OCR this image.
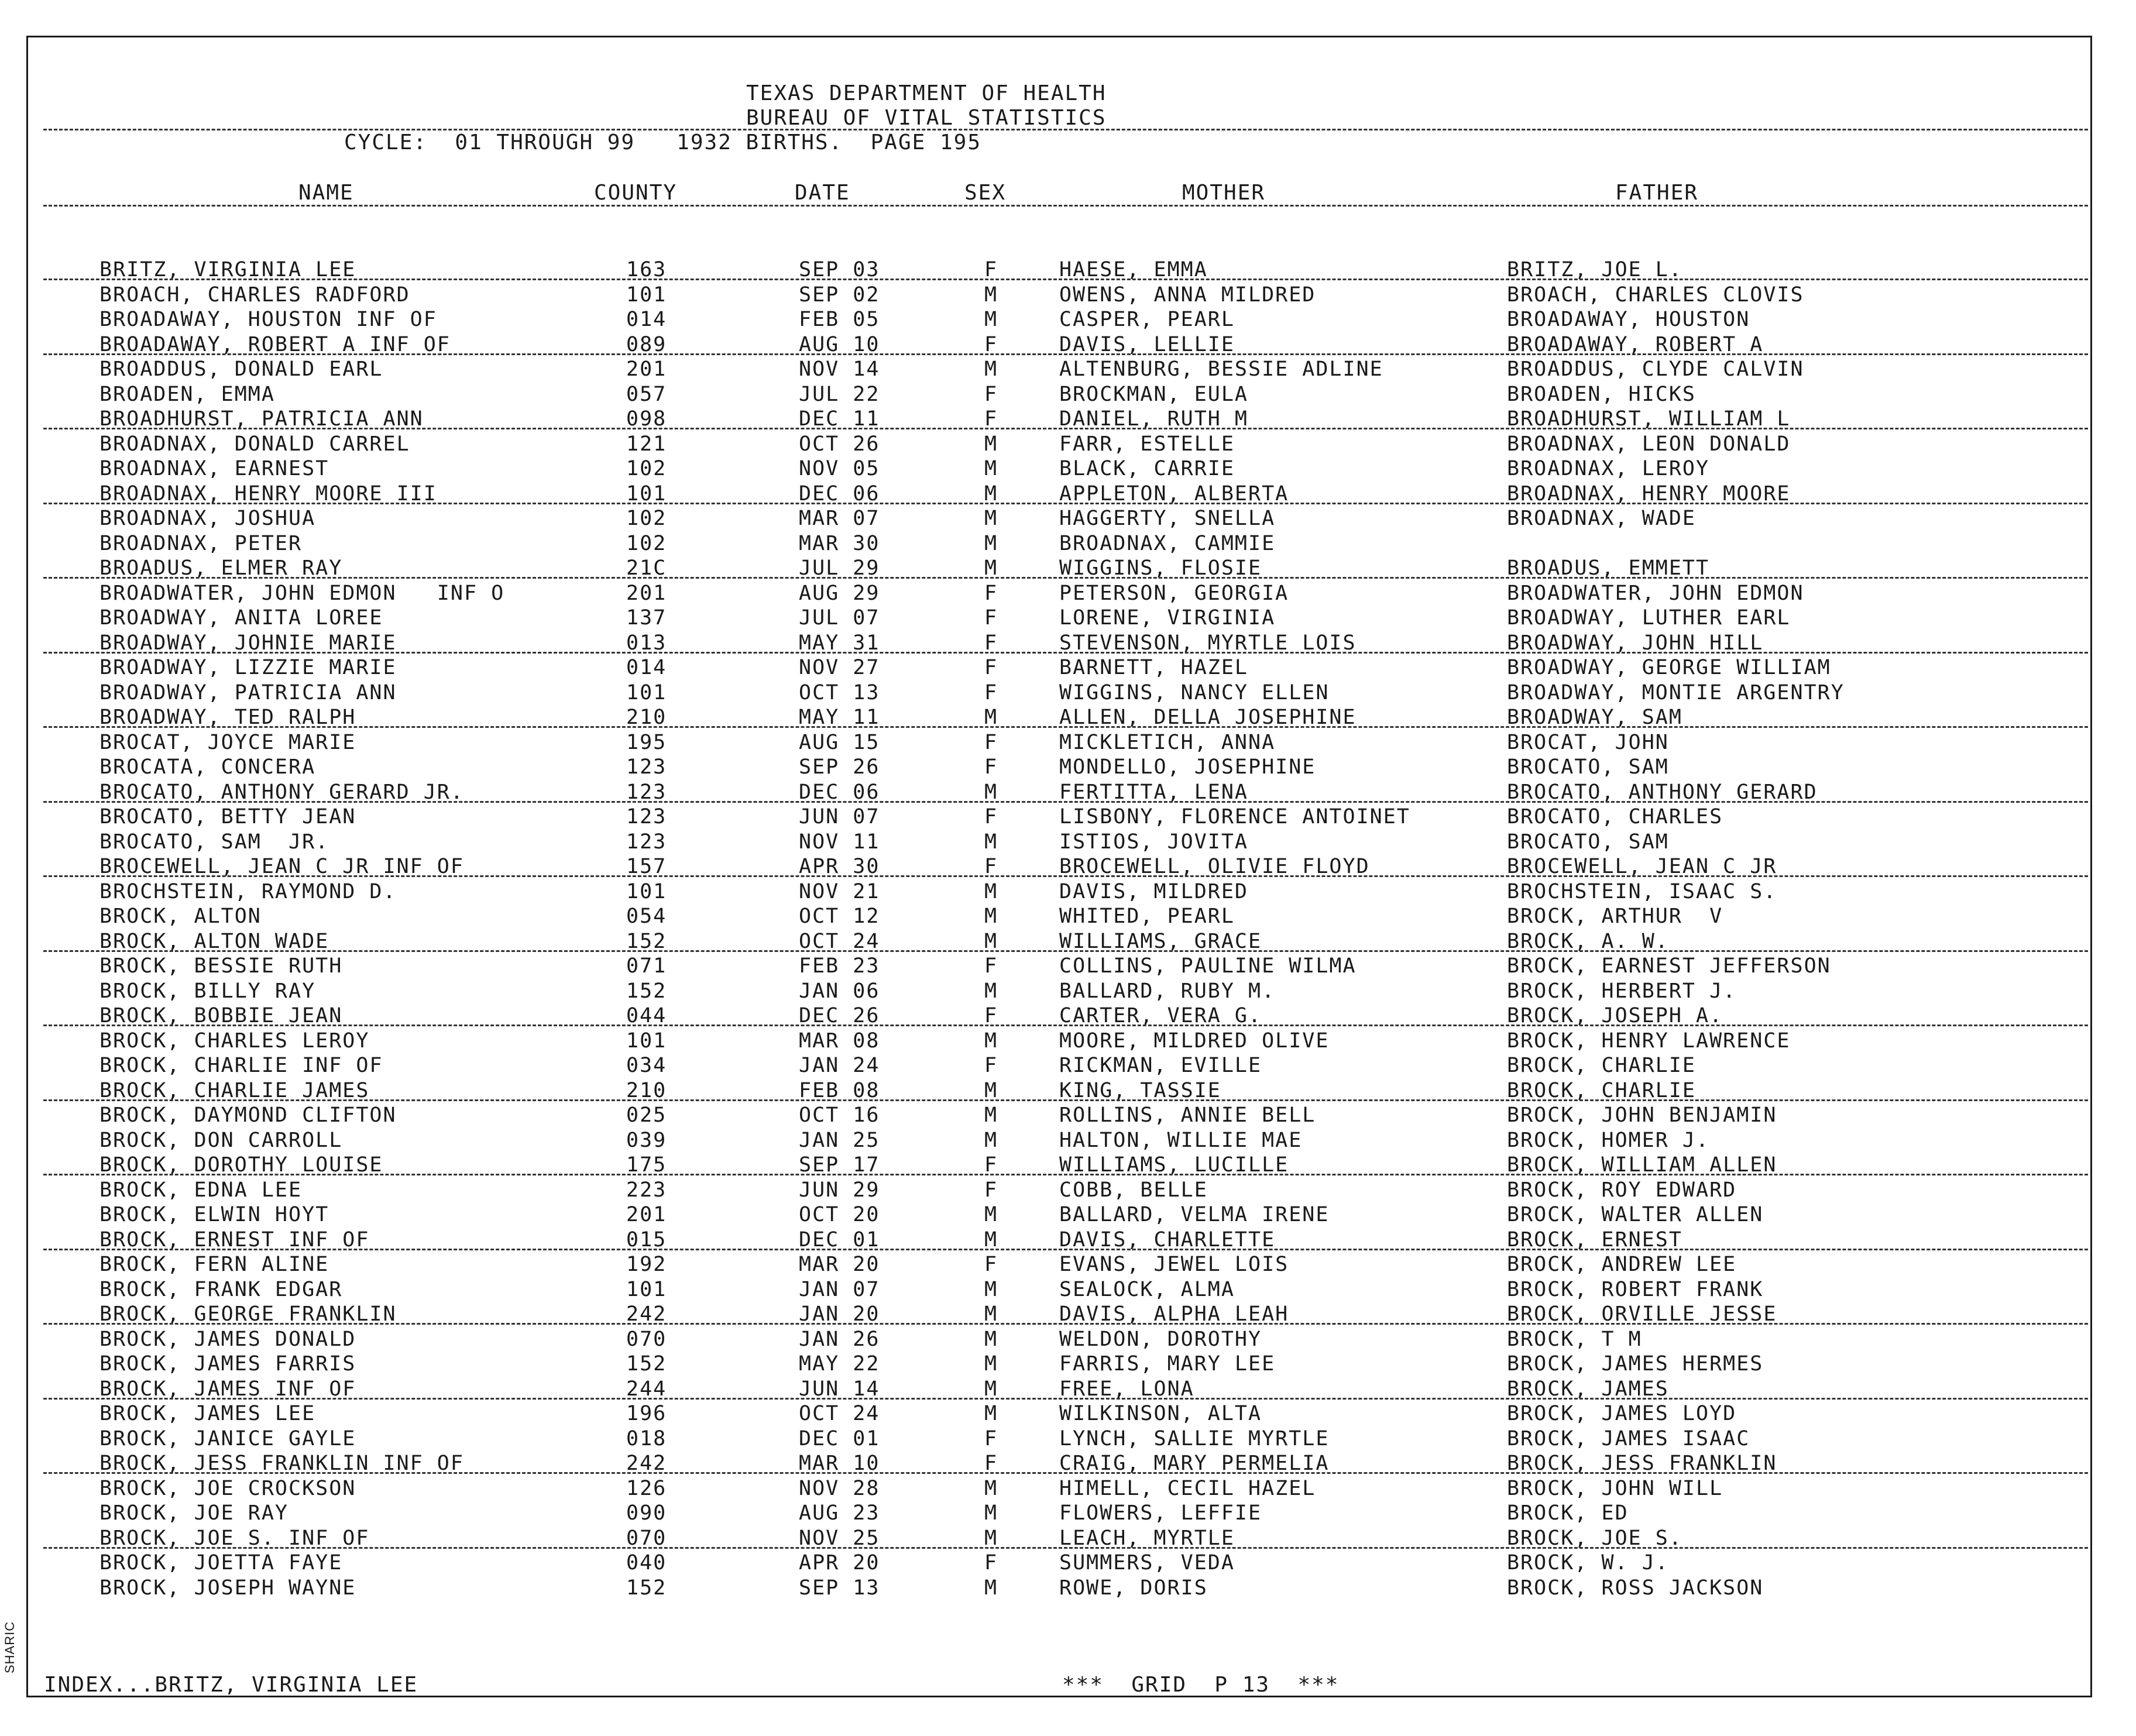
TEXAS DEPARTMENT OF HEALTH
BUREAU OF VITAL STATISTICS
CYCLE:  01 THROUGH 99   1932 BIRTHS.  PAGE 195
NAME	COUNTY	DATE	SEX	MOTHER	FATHER
BRITZ, VIRGINIA LEE	163	SEP 03	F	HAESE, EMMA	BRITZ, JOE L.
BROACH, CHARLES RADFORD	101	SEP 02	M	OWENS, ANNA MILDRED	BROACH, CHARLES CLOVIS
BROADAWAY, HOUSTON INF OF	014	FEB 05	M	CASPER, PEARL	BROADAWAY, HOUSTON
BROADAWAY, ROBERT A INF OF	089	AUG 10	F	DAVIS, LELLIE	BROADAWAY, ROBERT A
BROADDUS, DONALD EARL	201	NOV 14	M	ALTENBURG, BESSIE ADLINE	BROADDUS, CLYDE CALVIN
BROADEN, EMMA	057	JUL 22	F	BROCKMAN, EULA	BROADEN, HICKS
BROADHURST, PATRICIA ANN	098	DEC 11	F	DANIEL, RUTH M	BROADHURST, WILLIAM L
BROADNAX, DONALD CARREL	121	OCT 26	M	FARR, ESTELLE	BROADNAX, LEON DONALD
BROADNAX, EARNEST	102	NOV 05	M	BLACK, CARRIE	BROADNAX, LEROY
BROADNAX, HENRY MOORE III	101	DEC 06	M	APPLETON, ALBERTA	BROADNAX, HENRY MOORE
BROADNAX, JOSHUA	102	MAR 07	M	HAGGERTY, SNELLA	BROADNAX, WADE
BROADNAX, PETER	102	MAR 30	M	BROADNAX, CAMMIE
BROADUS, ELMER RAY	21C	JUL 29	M	WIGGINS, FLOSIE	BROADUS, EMMETT
BROADWATER, JOHN EDMON   INF O	201	AUG 29	F	PETERSON, GEORGIA	BROADWATER, JOHN EDMON
BROADWAY, ANITA LOREE	137	JUL 07	F	LORENE, VIRGINIA	BROADWAY, LUTHER EARL
BROADWAY, JOHNIE MARIE	013	MAY 31	F	STEVENSON, MYRTLE LOIS	BROADWAY, JOHN HILL
BROADWAY, LIZZIE MARIE	014	NOV 27	F	BARNETT, HAZEL	BROADWAY, GEORGE WILLIAM
BROADWAY, PATRICIA ANN	101	OCT 13	F	WIGGINS, NANCY ELLEN	BROADWAY, MONTIE ARGENTRY
BROADWAY, TED RALPH	210	MAY 11	M	ALLEN, DELLA JOSEPHINE	BROADWAY, SAM
BROCAT, JOYCE MARIE	195	AUG 15	F	MICKLETICH, ANNA	BROCAT, JOHN
BROCATA, CONCERA	123	SEP 26	F	MONDELLO, JOSEPHINE	BROCATO, SAM
BROCATO, ANTHONY GERARD JR.	123	DEC 06	M	FERTITTA, LENA	BROCATO, ANTHONY GERARD
BROCATO, BETTY JEAN	123	JUN 07	F	LISBONY, FLORENCE ANTOINET	BROCATO, CHARLES
BROCATO, SAM  JR.	123	NOV 11	M	ISTIOS, JOVITA	BROCATO, SAM
BROCEWELL, JEAN C JR INF OF	157	APR 30	F	BROCEWELL, OLIVIE FLOYD	BROCEWELL, JEAN C JR
BROCHSTEIN, RAYMOND D.	101	NOV 21	M	DAVIS, MILDRED	BROCHSTEIN, ISAAC S.
BROCK, ALTON	054	OCT 12	M	WHITED, PEARL	BROCK, ARTHUR  V
BROCK, ALTON WADE	152	OCT 24	M	WILLIAMS, GRACE	BROCK, A. W.
BROCK, BESSIE RUTH	071	FEB 23	F	COLLINS, PAULINE WILMA	BROCK, EARNEST JEFFERSON
BROCK, BILLY RAY	152	JAN 06	M	BALLARD, RUBY M.	BROCK, HERBERT J.
BROCK, BOBBIE JEAN	044	DEC 26	F	CARTER, VERA G.	BROCK, JOSEPH A.
BROCK, CHARLES LEROY	101	MAR 08	M	MOORE, MILDRED OLIVE	BROCK, HENRY LAWRENCE
BROCK, CHARLIE INF OF	034	JAN 24	F	RICKMAN, EVILLE	BROCK, CHARLIE
BROCK, CHARLIE JAMES	210	FEB 08	M	KING, TASSIE	BROCK, CHARLIE
BROCK, DAYMOND CLIFTON	025	OCT 16	M	ROLLINS, ANNIE BELL	BROCK, JOHN BENJAMIN
BROCK, DON CARROLL	039	JAN 25	M	HALTON, WILLIE MAE	BROCK, HOMER J.
BROCK, DOROTHY LOUISE	175	SEP 17	F	WILLIAMS, LUCILLE	BROCK, WILLIAM ALLEN
BROCK, EDNA LEE	223	JUN 29	F	COBB, BELLE	BROCK, ROY EDWARD
BROCK, ELWIN HOYT	201	OCT 20	M	BALLARD, VELMA IRENE	BROCK, WALTER ALLEN
BROCK, ERNEST INF OF	015	DEC 01	M	DAVIS, CHARLETTE	BROCK, ERNEST
BROCK, FERN ALINE	192	MAR 20	F	EVANS, JEWEL LOIS	BROCK, ANDREW LEE
BROCK, FRANK EDGAR	101	JAN 07	M	SEALOCK, ALMA	BROCK, ROBERT FRANK
BROCK, GEORGE FRANKLIN	242	JAN 20	M	DAVIS, ALPHA LEAH	BROCK, ORVILLE JESSE
BROCK, JAMES DONALD	070	JAN 26	M	WELDON, DOROTHY	BROCK, T M
BROCK, JAMES FARRIS	152	MAY 22	M	FARRIS, MARY LEE	BROCK, JAMES HERMES
BROCK, JAMES INF OF	244	JUN 14	M	FREE, LONA	BROCK, JAMES
BROCK, JAMES LEE	196	OCT 24	M	WILKINSON, ALTA	BROCK, JAMES LOYD
BROCK, JANICE GAYLE	018	DEC 01	F	LYNCH, SALLIE MYRTLE	BROCK, JAMES ISAAC
BROCK, JESS FRANKLIN INF OF	242	MAR 10	F	CRAIG, MARY PERMELIA	BROCK, JESS FRANKLIN
BROCK, JOE CROCKSON	126	NOV 28	M	HIMELL, CECIL HAZEL	BROCK, JOHN WILL
BROCK, JOE RAY	090	AUG 23	M	FLOWERS, LEFFIE	BROCK, ED
BROCK, JOE S. INF OF	070	NOV 25	M	LEACH, MYRTLE	BROCK, JOE S.
BROCK, JOETTA FAYE	040	APR 20	F	SUMMERS, VEDA	BROCK, W. J.
BROCK, JOSEPH WAYNE	152	SEP 13	M	ROWE, DORIS	BROCK, ROSS JACKSON
INDEX...BRITZ, VIRGINIA LEE	***  GRID  P 13  ***
SHARIC
